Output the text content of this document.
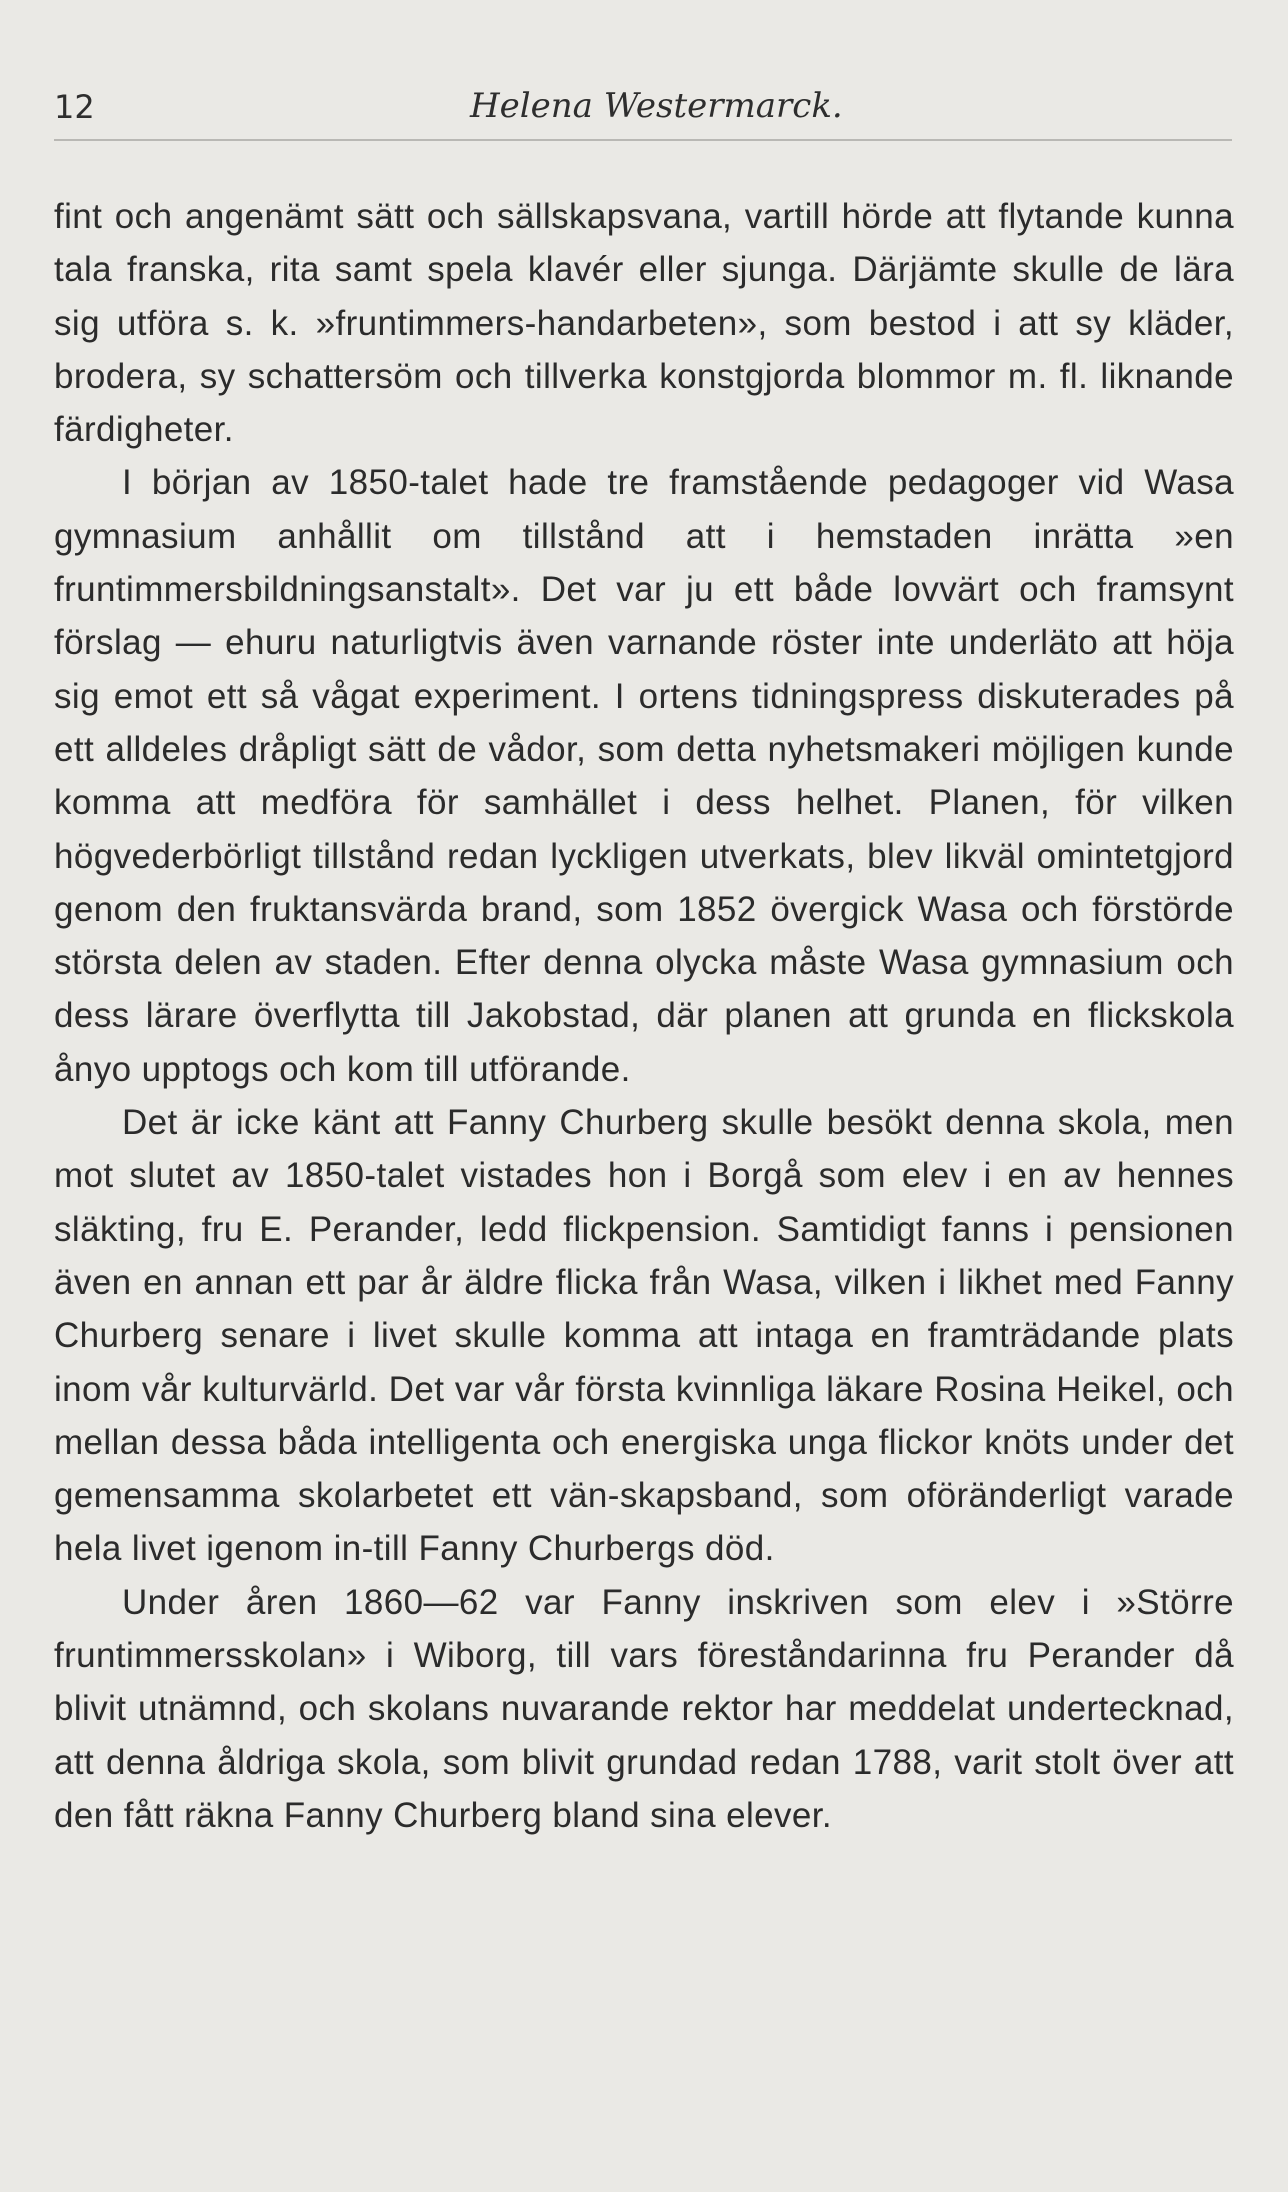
12	Helena Westermarck.

fint och angenämt sätt och sällskapsvana, vartill hörde att flytande kunna tala franska, rita samt spela klavér eller sjunga. Därjämte skulle de lära sig utföra s. k. »fruntimmers-handarbeten», som bestod i att sy kläder, brodera, sy schattersöm och tillverka konstgjorda blommor m. fl. liknande färdigheter.

I början av 1850-talet hade tre framstående pedagoger vid Wasa gymnasium anhållit om tillstånd att i hemstaden inrätta »en fruntimmersbildningsanstalt». Det var ju ett både lovvärt och framsynt förslag — ehuru naturligtvis även varnande röster inte underläto att höja sig emot ett så vågat experiment. I ortens tidningspress diskuterades på ett alldeles dråpligt sätt de vådor, som detta nyhetsmakeri möjligen kunde komma att medföra för samhället i dess helhet. Planen, för vilken högvederbörligt tillstånd redan lyckligen utverkats, blev likväl omintetgjord genom den fruktansvärda brand, som 1852 övergick Wasa och förstörde största delen av staden. Efter denna olycka måste Wasa gymnasium och dess lärare överflytta till Jakobstad, där planen att grunda en flickskola ånyo upptogs och kom till utförande.

Det är icke känt att Fanny Churberg skulle besökt denna skola, men mot slutet av 1850-talet vistades hon i Borgå som elev i en av hennes släkting, fru E. Perander, ledd flickpension. Samtidigt fanns i pensionen även en annan ett par år äldre flicka från Wasa, vilken i likhet med Fanny Churberg senare i livet skulle komma att intaga en framträdande plats inom vår kulturvärld. Det var vår första kvinnliga läkare Rosina Heikel, och mellan dessa båda intelligenta och energiska unga flickor knöts under det gemensamma skolarbetet ett vän-skapsband, som oföränderligt varade hela livet igenom in-till Fanny Churbergs död.

Under åren 1860—62 var Fanny inskriven som elev i »Större fruntimmersskolan» i Wiborg, till vars föreståndarinna fru Perander då blivit utnämnd, och skolans nuvarande rektor har meddelat undertecknad, att denna åldriga skola, som blivit grundad redan 1788, varit stolt över att den fått räkna Fanny Churberg bland sina elever.
